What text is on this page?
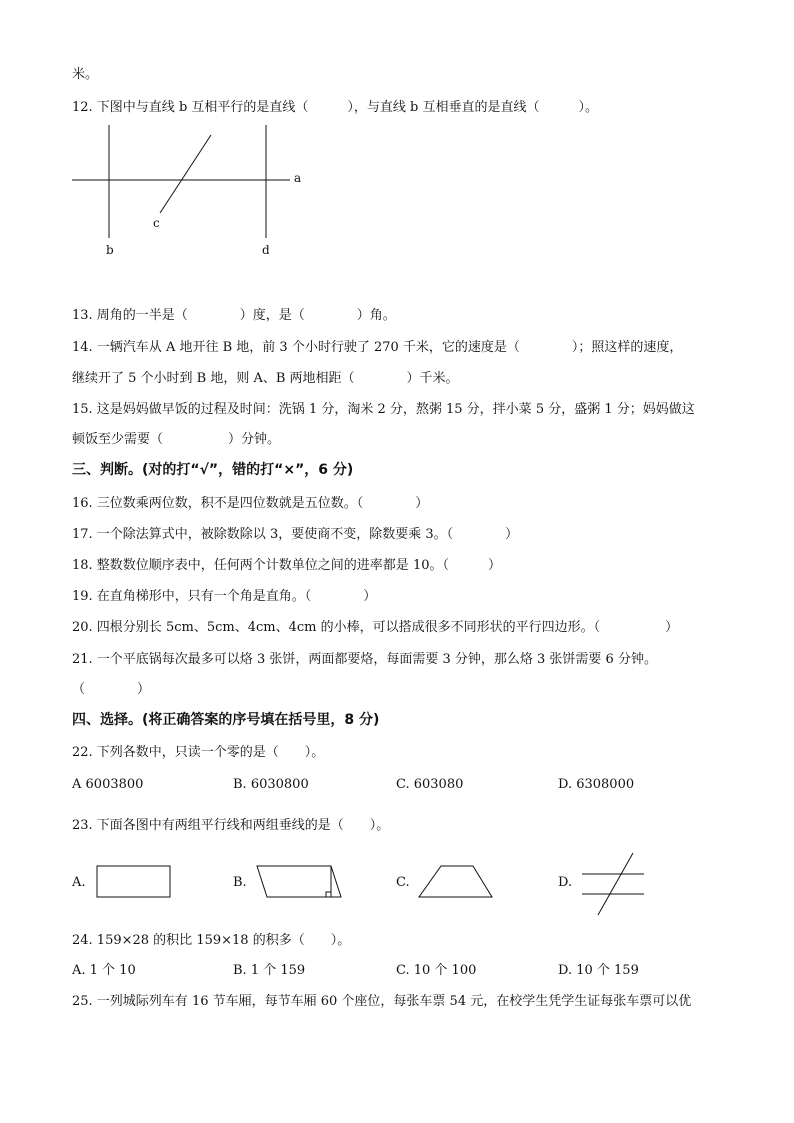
米。
12. 下图中与直线 b 互相平行的是直线（　　　），与直线 b 互相垂直的是直线（　　　）。
a
b
c
d
13. 周角的一半是（　　　　）度，是（　　　　）角。
14. 一辆汽车从 A 地开往 B 地，前 3 个小时行驶了 270 千米，它的速度是（　　　　）；照这样的速度，
继续开了 5 个小时到 B 地，则 A、B 两地相距（　　　　）千米。
15. 这是妈妈做早饭的过程及时间：洗锅 1 分，淘米 2 分，熬粥 15 分，拌小菜 5 分，盛粥 1 分；妈妈做这
顿饭至少需要（　　　　　）分钟。
三、判断。(对的打“√”，错的打“×”，6 分)
16. 三位数乘两位数，积不是四位数就是五位数。（　　　　）
17. 一个除法算式中，被除数除以 3，要使商不变，除数要乘 3。（　　　　）
18. 整数数位顺序表中，任何两个计数单位之间的进率都是 10。（　　　）
19. 在直角梯形中，只有一个角是直角。（　　　　）
20. 四根分别长 5cm、5cm、4cm、4cm 的小棒，可以搭成很多不同形状的平行四边形。（　　　　　）
21. 一个平底锅每次最多可以烙 3 张饼，两面都要烙，每面需要 3 分钟，那么烙 3 张饼需要 6 分钟。
（　　　　）
四、选择。(将正确答案的序号填在括号里，8 分)
22. 下列各数中，只读一个零的是（　　）。
A 6003800	B. 6030800	C. 603080	D. 6308000
23. 下面各图中有两组平行线和两组垂线的是（　　）。
A.	B.	C.	D.
24. 159×28 的积比 159×18 的积多（　　）。
A. 1 个 10	B. 1 个 159	C. 10 个 100	D. 10 个 159
25. 一列城际列车有 16 节车厢，每节车厢 60 个座位，每张车票 54 元，在校学生凭学生证每张车票可以优
